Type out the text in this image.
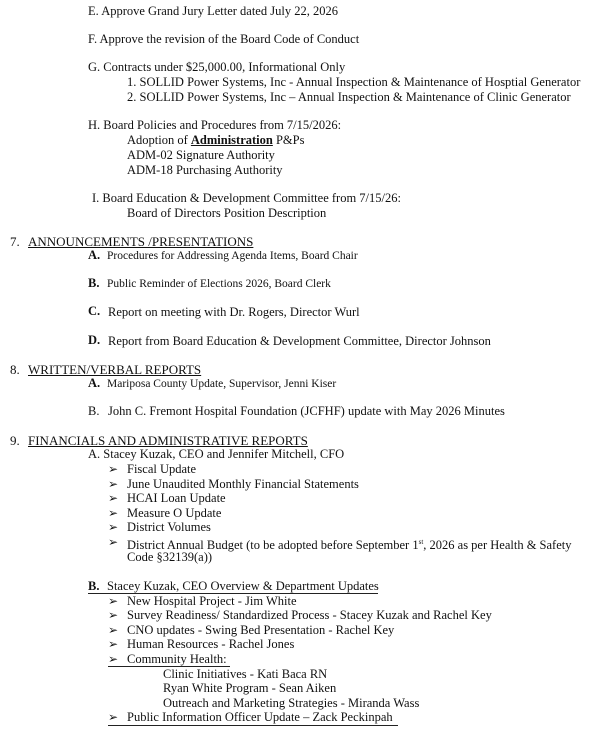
E. Approve Grand Jury Letter dated July 22, 2026
F. Approve the revision of the Board Code of Conduct
G. Contracts under $25,000.00, Informational Only
1. SOLLID Power Systems, Inc - Annual Inspection & Maintenance of Hosptial Generator
2. SOLLID Power Systems, Inc – Annual Inspection & Maintenance of Clinic Generator
H. Board Policies and Procedures from 7/15/2026:
Adoption of Administration P&Ps
ADM-02 Signature Authority
ADM-18 Purchasing Authority
I. Board Education & Development Committee from 7/15/26:
Board of Directors Position Description
7. ANNOUNCEMENTS /PRESENTATIONS
A. Procedures for Addressing Agenda Items, Board Chair
B. Public Reminder of Elections 2026, Board Clerk
C. Report on meeting with Dr. Rogers, Director Wurl
D. Report from Board Education & Development Committee, Director Johnson
8. WRITTEN/VERBAL REPORTS
A. Mariposa County Update, Supervisor, Jenni Kiser
B. John C. Fremont Hospital Foundation (JCFHF) update with May 2026 Minutes
9. FINANCIALS AND ADMINISTRATIVE REPORTS
A. Stacey Kuzak, CEO and Jennifer Mitchell, CFO
➢ Fiscal Update
➢ June Unaudited Monthly Financial Statements
➢ HCAI Loan Update
➢ Measure O Update
➢ District Volumes
➢ District Annual Budget (to be adopted before September 1st, 2026 as per Health & Safety
Code §32139(a))
B. Stacey Kuzak, CEO Overview & Department Updates
➢ New Hospital Project - Jim White
➢ Survey Readiness/ Standardized Process - Stacey Kuzak and Rachel Key
➢ CNO updates - Swing Bed Presentation - Rachel Key
➢ Human Resources - Rachel Jones
➢ Community Health:
Clinic Initiatives - Kati Baca RN
Ryan White Program - Sean Aiken
Outreach and Marketing Strategies - Miranda Wass
➢ Public Information Officer Update – Zack Peckinpah
